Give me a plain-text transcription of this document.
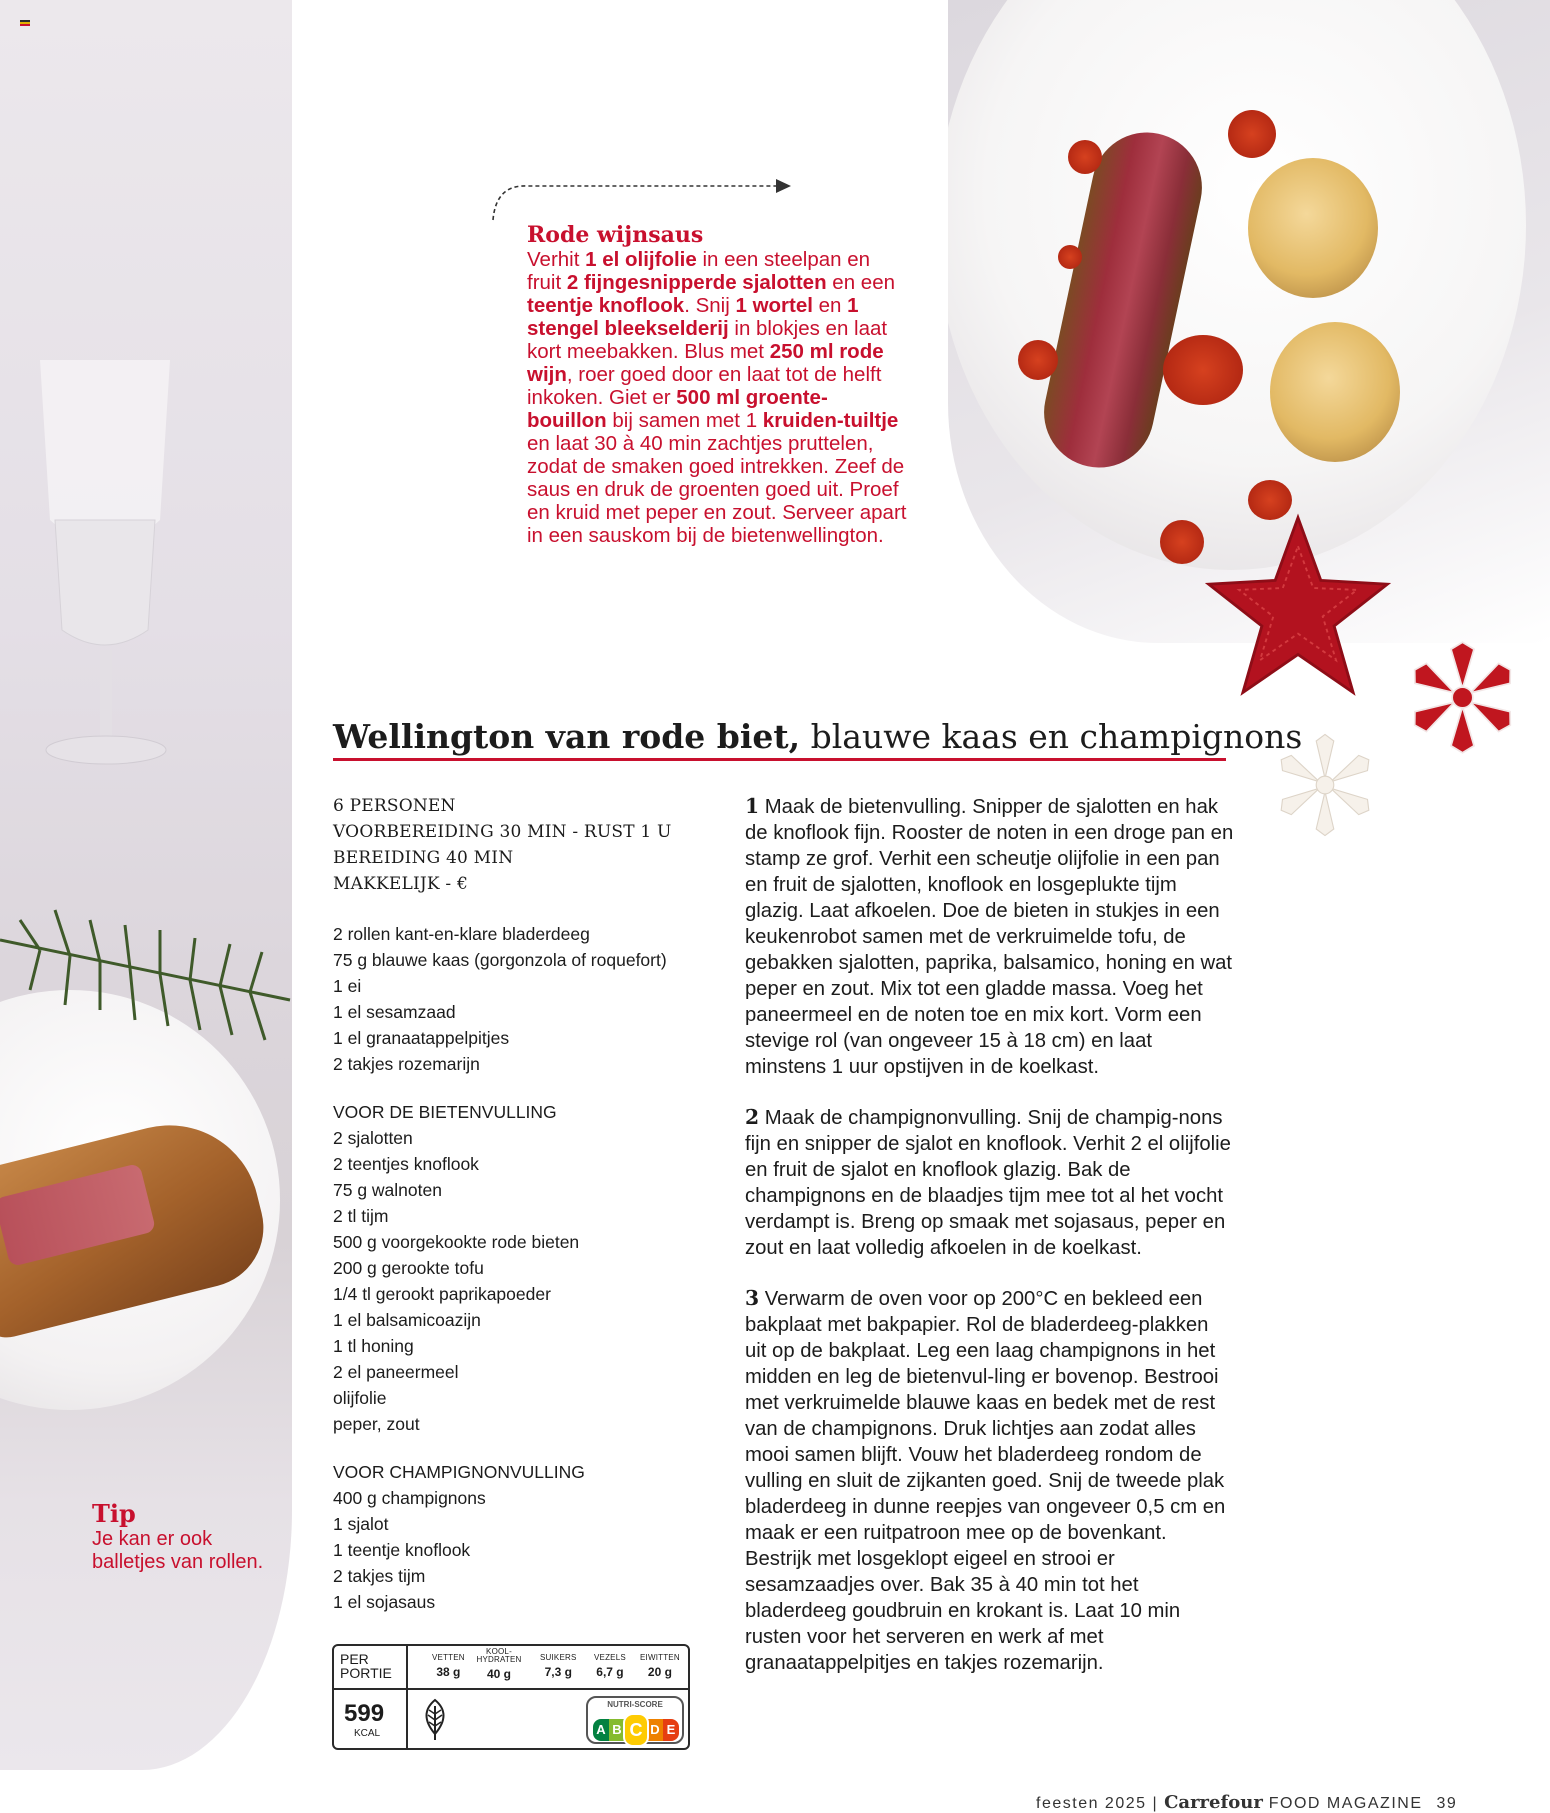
Tip
Je kan er ook balletjes van rollen.
Rode wijnsaus
Verhit 1 el olijfolie in een steelpan en fruit 2 fijngesnipperde sjalotten en een teentje knoflook. Snij 1 wortel en 1 stengel bleekselderij in blokjes en laat kort meebakken. Blus met 250 ml rode wijn, roer goed door en laat tot de helft inkoken. Giet er 500 ml groente-bouillon bij samen met 1 kruiden-tuiltje en laat 30 à 40 min zachtjes pruttelen, zodat de smaken goed intrekken. Zeef de saus en druk de groenten goed uit. Proef en kruid met peper en zout. Serveer apart in een sauskom bij de bietenwellington.
Wellington van rode biet, blauwe kaas en champignons
6 PERSONEN
VOORBEREIDING 30 MIN - RUST 1 U
BEREIDING 40 MIN
MAKKELIJK - €
2 rollen kant-en-klare bladerdeeg
75 g blauwe kaas (gorgonzola of roquefort)
1 ei
1 el sesamzaad
1 el granaatappelpitjes
2 takjes rozemarijn
VOOR DE BIETENVULLING
2 sjalotten
2 teentjes knoflook
75 g walnoten
2 tl tijm
500 g voorgekookte rode bieten
200 g gerookte tofu
1/4 tl gerookt paprikapoeder
1 el balsamicoazijn
1 tl honing
2 el paneermeel
olijfolie
peper, zout
VOOR CHAMPIGNONVULLING
400 g champignons
1 sjalot
1 teentje knoflook
2 takjes tijm
1 el sojasaus
PER
PORTIE
599
KCAL
VETTEN
38 g
KOOL-HYDRATEN
40 g
SUIKERS
7,3 g
VEZELS
6,7 g
EIWITTEN
20 g
NUTRI-SCORE
A B C D E

1 Maak de bietenvulling. Snipper de sjalotten en hak de knoflook fijn. Rooster de noten in een droge pan en stamp ze grof. Verhit een scheutje olijfolie in een pan en fruit de sjalotten, knoflook en losgeplukte tijm glazig. Laat afkoelen. Doe de bieten in stukjes in een keukenrobot samen met de verkruimelde tofu, de gebakken sjalotten, paprika, balsamico, honing en wat peper en zout. Mix tot een gladde massa. Voeg het paneermeel en de noten toe en mix kort. Vorm een stevige rol (van ongeveer 15 à 18 cm) en laat minstens 1 uur opstijven in de koelkast.

2 Maak de champignonvulling. Snij de champig-nons fijn en snipper de sjalot en knoflook. Verhit 2 el olijfolie en fruit de sjalot en knoflook glazig. Bak de champignons en de blaadjes tijm mee tot al het vocht verdampt is. Breng op smaak met sojasaus, peper en zout en laat volledig afkoelen in de koelkast.

3 Verwarm de oven voor op 200°C en bekleed een bakplaat met bakpapier. Rol de bladerdeeg-plakken uit op de bakplaat. Leg een laag champignons in het midden en leg de bietenvul-ling er bovenop. Bestrooi met verkruimelde blauwe kaas en bedek met de rest van de champignons. Druk lichtjes aan zodat alles mooi samen blijft. Vouw het bladerdeeg rondom de vulling en sluit de zijkanten goed. Snij de tweede plak bladerdeeg in dunne reepjes van ongeveer 0,5 cm en maak er een ruitpatroon mee op de bovenkant. Bestrijk met losgeklopt eigeel en strooi er sesamzaadjes over. Bak 35 à 40 min tot het bladerdeeg goudbruin en krokant is. Laat 10 min rusten voor het serveren en werk af met granaatappelpitjes en takjes rozemarijn.

feesten 2025 | Carrefour FOOD MAGAZINE 39
